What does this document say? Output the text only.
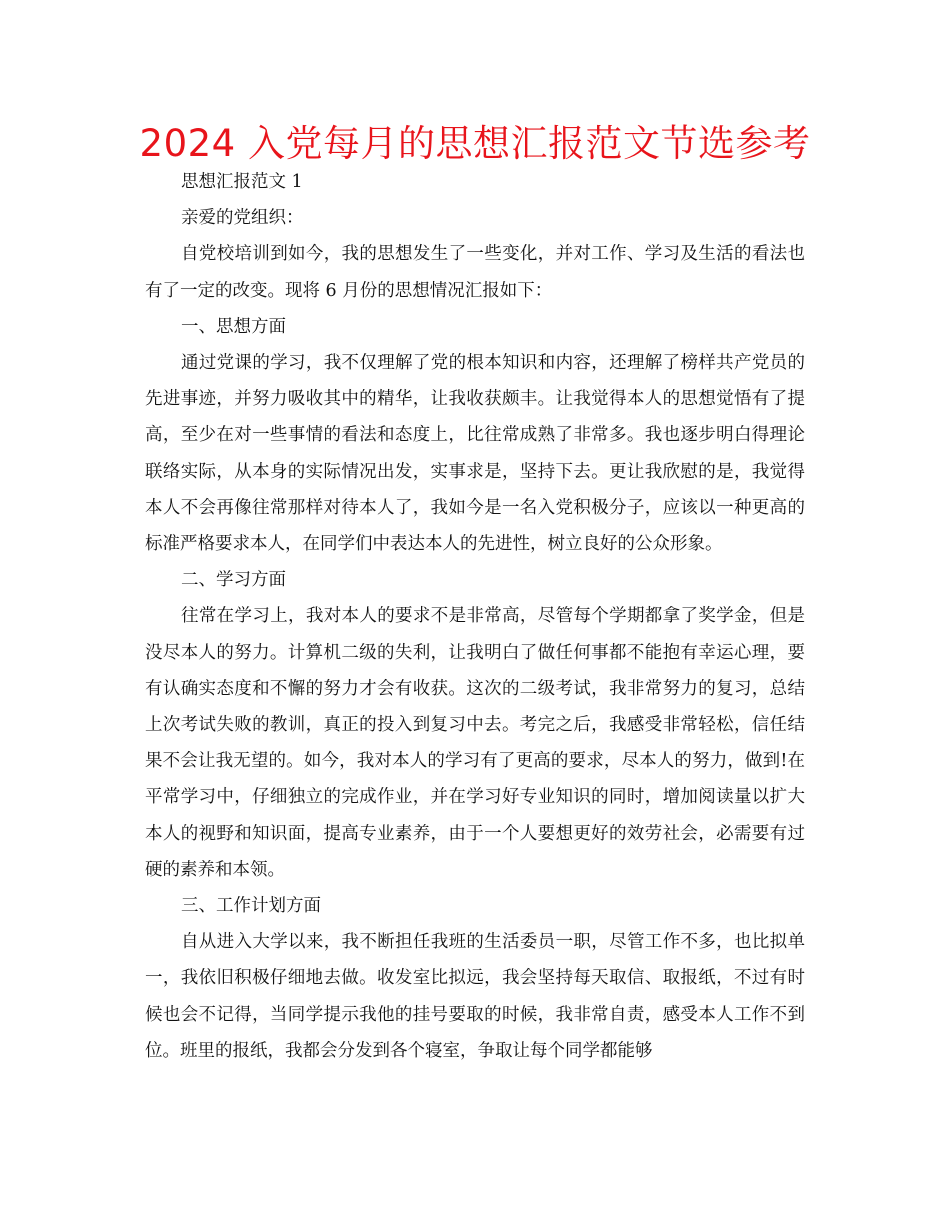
2024 入党每月的思想汇报范文节选参考

思想汇报范文 1

亲爱的党组织：

自党校培训到如今，我的思想发生了一些变化，并对工作、学习及生活的看法也有了一定的改变。现将 6 月份的思想情况汇报如下：

一、思想方面

通过党课的学习，我不仅理解了党的根本知识和内容，还理解了榜样共产党员的先进事迹，并努力吸收其中的精华，让我收获颇丰。让我觉得本人的思想觉悟有了提高，至少在对一些事情的看法和态度上，比往常成熟了非常多。我也逐步明白得理论联络实际，从本身的实际情况出发，实事求是，坚持下去。更让我欣慰的是，我觉得本人不会再像往常那样对待本人了，我如今是一名入党积极分子，应该以一种更高的标准严格要求本人，在同学们中表达本人的先进性，树立良好的公众形象。

二、学习方面

往常在学习上，我对本人的要求不是非常高，尽管每个学期都拿了奖学金，但是没尽本人的努力。计算机二级的失利，让我明白了做任何事都不能抱有幸运心理，要有认确实态度和不懈的努力才会有收获。这次的二级考试，我非常努力的复习，总结上次考试失败的教训，真正的投入到复习中去。考完之后，我感受非常轻松，信任结果不会让我无望的。如今，我对本人的学习有了更高的要求，尽本人的努力，做到!在平常学习中，仔细独立的完成作业，并在学习好专业知识的同时，增加阅读量以扩大本人的视野和知识面，提高专业素养，由于一个人要想更好的效劳社会，必需要有过硬的素养和本领。

三、工作计划方面

自从进入大学以来，我不断担任我班的生活委员一职，尽管工作不多，也比拟单一，我依旧积极仔细地去做。收发室比拟远，我会坚持每天取信、取报纸，不过有时候也会不记得，当同学提示我他的挂号要取的时候，我非常自责，感受本人工作不到位。班里的报纸，我都会分发到各个寝室，争取让每个同学都能够
